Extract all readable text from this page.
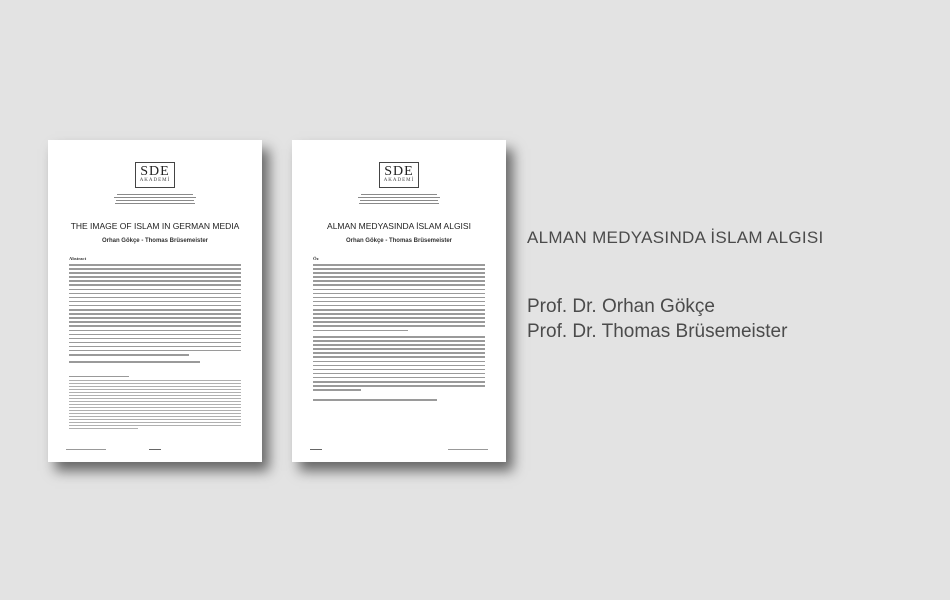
SDE
AKADEMİ
THE IMAGE OF ISLAM IN GERMAN MEDIA
Orhan Gökçe - Thomas Brüsemeister
Abstract
SDE
AKADEMİ
ALMAN MEDYASINDA İSLAM ALGISI
Orhan Gökçe - Thomas Brüsemeister
Öz
ALMAN MEDYASINDA İSLAM ALGISI
Prof. Dr. Orhan Gökçe
Prof. Dr. Thomas Brüsemeister
